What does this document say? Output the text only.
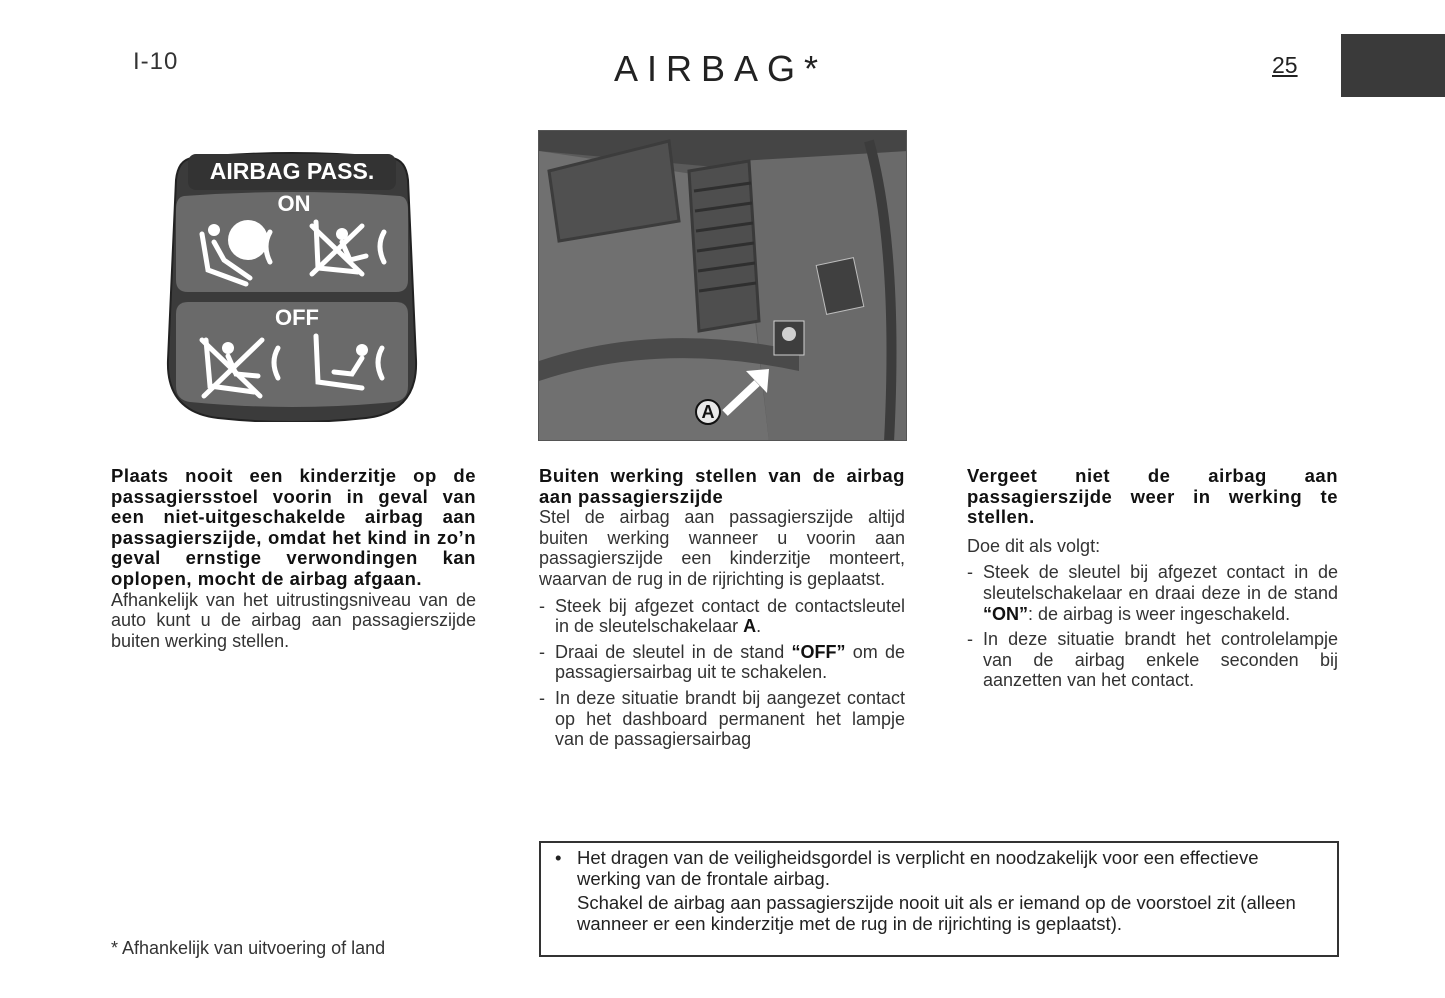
I-10	AIRBAG*	25
AIRBAG PASS.
ON
OFF
A

Plaats nooit een kinderzitje op de passagiersstoel voorin in geval van een niet-uitgeschakelde airbag aan passagierszijde, omdat het kind in zo’n geval ernstige verwondingen kan oplopen, mocht de airbag afgaan.

Afhankelijk van het uitrustingsniveau van de auto kunt u de airbag aan passagierszijde buiten werking stellen.

Buiten werking stellen van de airbag aan passagierszijde

Stel de airbag aan passagierszijde altijd buiten werking wanneer u voorin aan passagierszijde een kinderzitje monteert, waarvan de rug in de rijrichting is geplaatst.

- Steek bij afgezet contact de contactsleutel in de sleutelschakelaar A.
- Draai de sleutel in de stand “OFF” om de passagiersairbag uit te schakelen.
- In deze situatie brandt bij aangezet contact op het dashboard permanent het lampje van de passagiersairbag

Vergeet niet de airbag aan passagierszijde weer in werking te stellen.

Doe dit als volgt:

- Steek de sleutel bij afgezet contact in de sleutelschakelaar en draai deze in de stand “ON”: de airbag is weer ingeschakeld.
- In deze situatie brandt het controlelampje van de airbag enkele seconden bij aanzetten van het contact.
* Afhankelijk van uitvoering of land
• Het dragen van de veiligheidsgordel is verplicht en noodzakelijk voor een effectieve werking van de frontale airbag.

Schakel de airbag aan passagierszijde nooit uit als er iemand op de voorstoel zit (alleen wanneer er een kinderzitje met de rug in de rijrichting is geplaatst).
